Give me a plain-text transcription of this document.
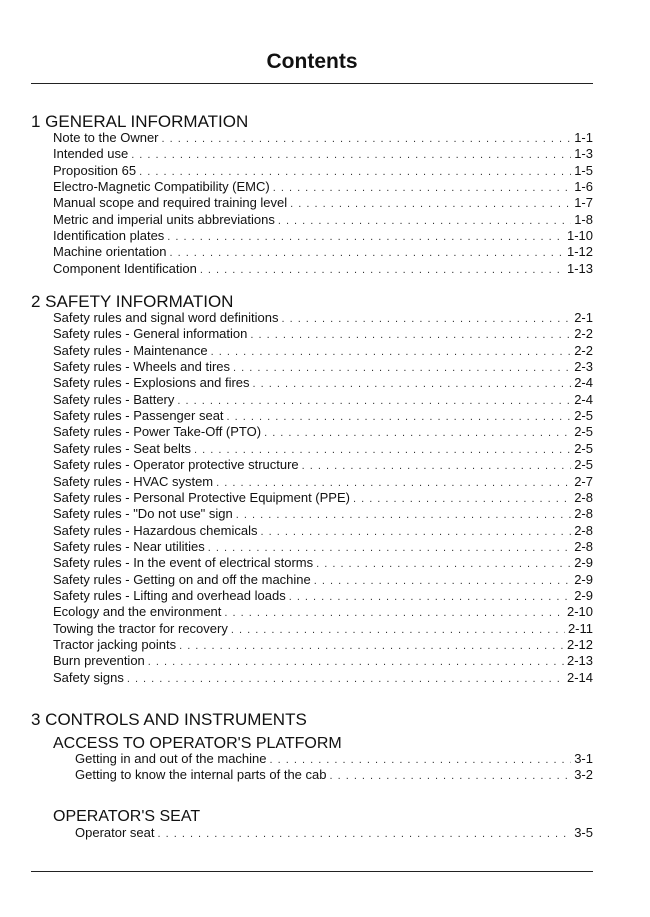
Contents
1 GENERAL INFORMATION
Note to the Owner . . .	1-1
Intended use . . .	1-3
Proposition 65 . . .	1-5
Electro-Magnetic Compatibility (EMC) . . .	1-6
Manual scope and required training level . . .	1-7
Metric and imperial units abbreviations . . .	1-8
Identification plates . . .	1-10
Machine orientation . . .	1-12
Component Identification . . .	1-13
2 SAFETY INFORMATION
Safety rules and signal word definitions . . .	2-1
Safety rules - General information . . .	2-2
Safety rules - Maintenance . . .	2-2
Safety rules - Wheels and tires . . .	2-3
Safety rules - Explosions and fires . . .	2-4
Safety rules - Battery . . .	2-4
Safety rules - Passenger seat . . .	2-5
Safety rules - Power Take-Off (PTO) . . .	2-5
Safety rules - Seat belts . . .	2-5
Safety rules - Operator protective structure . . .	2-5
Safety rules - HVAC system . . .	2-7
Safety rules - Personal Protective Equipment (PPE) . . .	2-8
Safety rules - "Do not use" sign . . .	2-8
Safety rules - Hazardous chemicals . . .	2-8
Safety rules - Near utilities . . .	2-8
Safety rules - In the event of electrical storms . . .	2-9
Safety rules - Getting on and off the machine . . .	2-9
Safety rules - Lifting and overhead loads . . .	2-9
Ecology and the environment . . .	2-10
Towing the tractor for recovery . . .	2-11
Tractor jacking points . . .	2-12
Burn prevention . . .	2-13
Safety signs . . .	2-14
3 CONTROLS AND INSTRUMENTS
ACCESS TO OPERATOR'S PLATFORM
Getting in and out of the machine . . .	3-1
Getting to know the internal parts of the cab . . .	3-2
OPERATOR'S SEAT
Operator seat . . .	3-5
